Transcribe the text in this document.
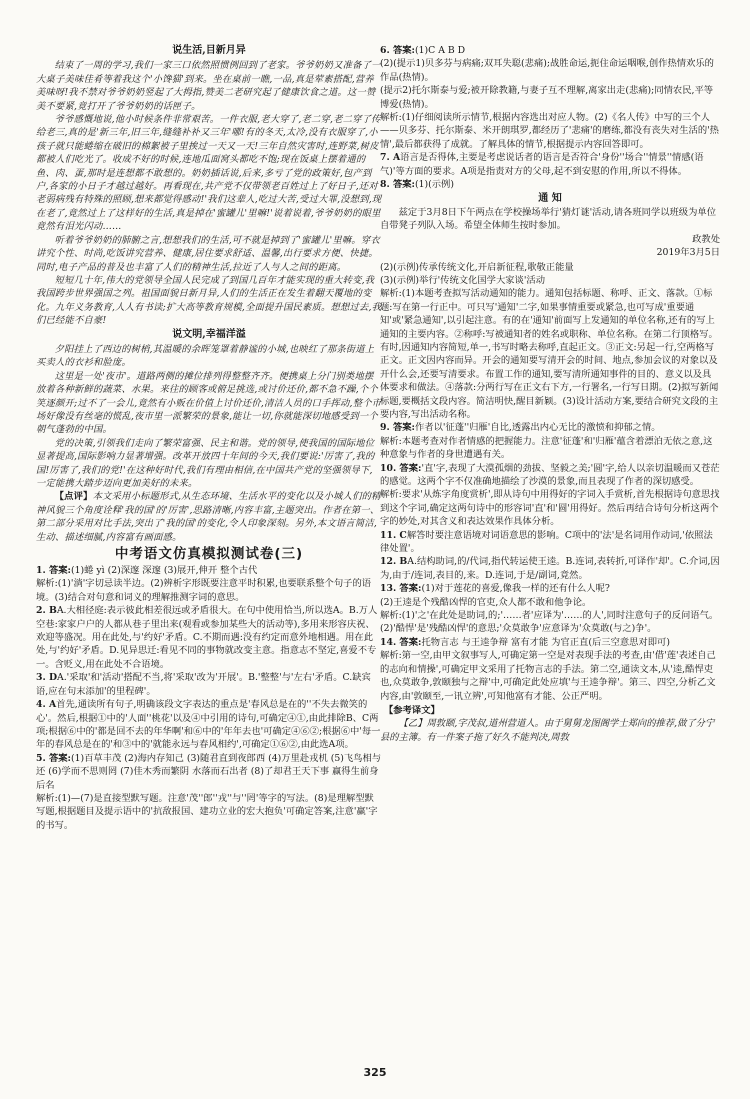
说生活,目新月异

结束了一周的学习,我们一家三口依然照惯例回到了老家。爷爷奶奶又准备了一大桌子美味佳肴等着我这个'小馋猫'到来。坐在桌前一瞧,一品,真是荤素搭配,营养美味呀!我不禁对爷爷奶奶竖起了大拇指,赞美二老研究起了健康饮食之道。这一赞美不要紧,竟打开了爷爷奶奶的话匣子。

爷爷感慨地说,他小时候条件非常艰苦。一件衣服,老大穿了,老二穿,老二穿了传给老三,真的是'新三年,旧三年,缝缝补补又三年'哪!有的冬天,太冷,没有衣服穿了,小孩子就只能蜷缩在破旧的棉絮被子里挨过一天又一天!三年自然灾害时,连野菜,树皮都被人们吃光了。收成不好的时候,连地瓜面窝头都吃不饱;现在饭桌上摆着通的鱼、肉、蛋,那时是连想都不敢想的。奶奶插话说,后来,多亏了党的政策好,包产到户,各家的小日子才越过越好。再看现在,共产党不仅带领老百姓过上了好日子,还对老弱病残有特殊的照顾,想来都觉得感动!'我们这辈人,吃过大苦,受过大罪,没想到,现在老了,竟然过上了这样好的生活,真是掉在'蜜罐儿'里嘛!'说着说着,爷爷奶奶的眼里竟然有泪光闪动……

听着爷爷奶奶的肺腑之言,想想我们的生活,可不就是掉到了'蜜罐儿'里嘛。穿衣讲究个性、时尚,吃饭讲究营养、健康,居住要求舒适、温馨,出行要求方便、快捷。同时,电子产品的普及也丰富了人们的精神生活,拉近了人与人之间的距离。

短短几十年,伟大的党领导全国人民完成了到国几百年才能实现的重大转变,我我国跨步世界强国之列。祖国面貌日新月异,人们的生活正在发生着翻天覆地的变化。九年义务教育,人人有书读;扩大高等教育规模,全面提升国民素质。想想过去,我们已经能不自豪!

说文明,幸福洋溢

夕阳挂上了西边的树梢,其温暖的余晖笼罩着静谧的小城,也映红了那条街道上买卖人的衣衫和脸庞。

这里是一处'夜市'。道路两侧的摊位排列得整整齐齐。便携桌上分门别类地摆放着各种新鲜的蔬菜、水果。来往的顾客或俯足挑选,或讨价还价,都不急不躁,个个笑逐颜开;过不了一会儿,竟然有小贩在价值上讨价还价,清洁人员的口手挥动,整个市场好像没有丝毫的慌乱,夜市里一派繁荣的景象,能让一切,你就能深切地感受到一个朝气蓬勃的中国。

党的决策,引领我们走向了繁荣富强、民主和谐。党的领导,使我国的国际地位显著提高,国际影响力显著增强。改革开放四十年间的今天,我们要说:'厉害了,我的国!厉害了,我们的党!'在这种好时代,我们有理由相信,在中国共产党的坚强领导下,一定能携大踏步迈向更加美好的未来。

【点评】本文采用小标题形式,从生态环境、生活水平的变化以及小城人们的精神风貌三个角度诠释'我的国'的'厉害',思路清晰,内容丰富,主题突出。作者在第一、第二部分采用对比手法,突出了'我的国'的变化,令人印象深刻。另外,本文语言简洁,生动、描述细腻,内容富有画面感。

中考语文仿真模拟测试卷(三)

1. 答案:(1)蜷 yì (2)深邃 深邃 (3)展开,伸开 整个古代

解析:(1)'淌'字切忌读半边。(2)辨析字形既要注意平时积累,也要联系整个句子的语境。(3)结合对句意和词义的理解推测字词的意思。

2. BA.大相径庭:表示彼此相差很远或矛盾很大。在句中使用恰当,所以选A。B.万人空巷:家家户户的人都从巷子里出来(观看或参加某些大的活动等),多用来形容庆祝、欢迎等盛况。用在此处,与'约好'矛盾。C.不期而遇:没有约定而意外地相遇。用在此处,与'约好'矛盾。D.见异思迁:看见不同的事物就改变主意。指意志不坚定,喜爱不专一。含贬义,用在此处不合语境。

3. DA.'采取'和'活动'搭配不当,将'采取'改为'开展'。B.'整整'与'左右'矛盾。C.缺宾语,应在句末添加'的里程碑'。

4. A首先,通读所有句子,明确该段文字表达的重点是'春风总是在的''不失去微笑的心'。然后,根据①中的'人面''桃花'以及④中引用的诗句,可确定④①,由此排除B、C两项;根据⑥中的'都是回不去的年华啊'和⑥中的'年年去也'可确定④⑥②;根据⑥中'每一年的春风总是在的'和③中的'就能永远与春风相约',可确定①⑥②,由此选A项。

5. 答案:(1)百草丰茂 (2)海内存知己 (3)随君直到夜郎西 (4)万里赴戎机 (5)飞鸟相与还 (6)学而不思则罔 (7)佳木秀而繁阴 水落而石出者 (8)了却君王天下事 赢得生前身后名

解析:(1)—(7)是直接型默写题。注意'茂''郎''戎''与''罔'等字的写法。(8)是理解型默写题,根据题目及提示语中的'抗敌报国、建功立业的宏大抱负'可确定答案,注意'赢'字的书写。

6. 答案:(1)C A B D

(2)(提示1)贝多芬与病痛;双耳失聪(悲痛);战胜命运,扼住命运咽喉,创作热情欢乐的作品(热情)。

(提示2)托尔斯泰与爱;被开除教籍,与妻子互不理解,离家出走(悲痛);同情农民,平等博爱(热情)。

解析:(1)仔细阅读所示情节,根据内容选出对应人物。(2)《名人传》中写的三个人——贝多芬、托尔斯泰、米开朗琪罗,都经历了'悲痛'的磨练,都没有丧失对生活的'热情',最后都获得了成就。了解具体的情节,根据提示内容回答即可。

7. A语言是否得体,主要是考虑说话者的语言是否符合'身份''场合''情景''情感(语气)'等方面的要求。A项是指责对方的父母,起不到安慰的作用,所以不得体。

8. 答案:(1)(示例)

通 知

兹定于3月8日下午两点在学校操场举行'猜灯谜'活动,请各班同学以班级为单位自带凳子列队入场。希望全体师生按时参加。

政教处

2019年3月5日

(2)(示例)传承传统文化,开启新征程,歌敬正能量

(3)(示例)举行'传统文化国学大家谈'活动

解析:(1)本题考查拟写活动通知的能力。通知包括标题、称呼、正文、落款。①标题:写在第一行正中。可只写'通知'二字,如果事情重要或紧急,也可写成'重要通知'或'紧急通知',以引起注意。有的在'通知'前面写上发通知的单位名称,还有的写上通知的主要内容。②称呼:写被通知者的姓名或职称、单位名称。在第二行顶格写。有时,因通知内容简短,单一,书写时略去称呼,直起正文。③正文:另起一行,空两格写正文。正文因内容而异。开会的通知要写清开会的时间、地点,参加会议的对象以及开什么会,还要写清要求。布置工作的通知,要写清所通知事件的目的、意义以及具体要求和做法。④落款:分两行写在正文右下方,一行署名,一行写日期。(2)拟写新闻标题,要概括文段内容。简洁明快,醒目新颖。(3)设计活动方案,要结合研究文段的主要内容,写出活动名称。

9. 答案:作者以'征蓬''归雁'自比,透露出内心无比的激愤和抑郁之情。

解析:本题考查对作者情感的把握能力。注意'征蓬'和'归雁'蕴含着漂泊无依之意,这种意象与作者的身世遭遇有关。

10. 答案:'直'字,表现了大漠孤烟的劲拔、坚毅之美;'圆'字,给人以亲切温暖而又苍茫的感觉。这两个字不仅准确地描绘了沙漠的景象,而且表现了作者的深切感受。

解析:要求'从炼字角度赏析',即从诗句中用得好的字词入手赏析,首先根据诗句意思找到这个字词,确定这两句诗中的形容词'直'和'圆'用得好。然后再结合诗句分析这两个字的妙处,对其含义和表达效果作具体分析。

11. C解答时要注意语境对词语意思的影响。C项中的'法'是名词用作动词,'依照法律处置'。

12. BA.结构助词,的/代词,指代转运使王逵。B.连词,表转折,可译作'却'。C.介词,因为,由于/连词,表目的,来。D.连词,于是/副词,竟然。

13. 答案:(1)对于莲花的喜爱,像我一样的还有什么人呢?

(2)王逵是个残酷凶悍的官吏,众人都不敢和他争论。

解析:(1)'之'在此处是助词,的;'……者'应译为'……的人',同时注意句子的反问语气。(2)'酷悍'是'残酷凶悍'的意思;'众莫敢争'应意译为'众莫敢(与之)争'。

14. 答案:托物言志 与王逵争辩 富有才能 为官正直(后三空意思对即可)

解析:第一空,由甲文叙事写人,可确定第一空是对表现手法的考查,由'借'莲'表述自己的志向和情操',可确定甲文采用了托物言志的手法。第二空,通读文本,从'逵,酷悍吏也,众莫敢争,敦颐独与之辩'中,可确定此处应填'与王逵争辩'。第三、四空,分析乙文内容,由'敦颐至,一讯立辨',可知他富有才能、公正严明。

【参考译文】

【乙】周敦颐,字茂叔,道州营道人。由于舅舅龙图阁学士郑向的推荐,做了分宁县的主簿。有一件案子拖了好久不能判决,周敦

325
